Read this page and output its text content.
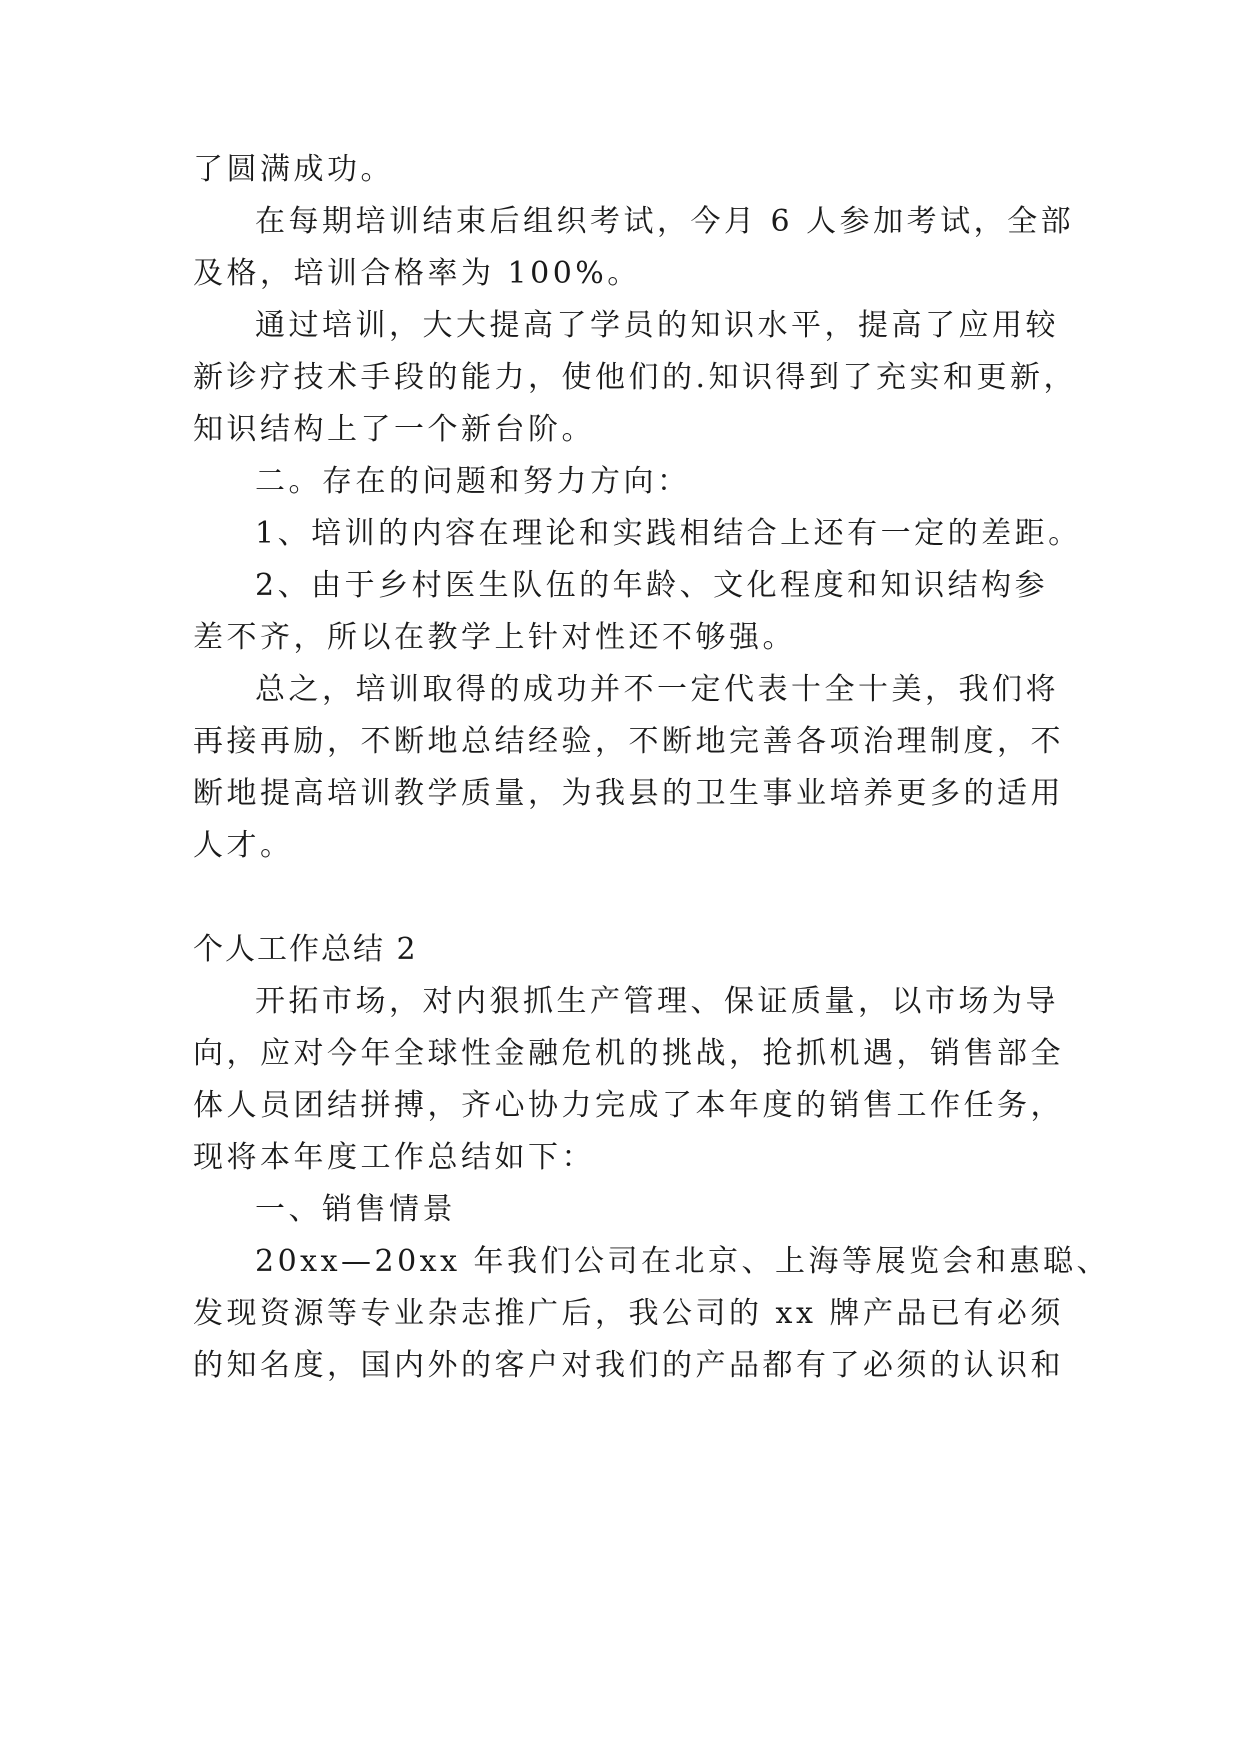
了圆满成功。
在每期培训结束后组织考试，今月 6 人参加考试，全部
及格，培训合格率为 100%。
通过培训，大大提高了学员的知识水平，提高了应用较
新诊疗技术手段的能力，使他们的.知识得到了充实和更新，
知识结构上了一个新台阶。
二。存在的问题和努力方向：
1、培训的内容在理论和实践相结合上还有一定的差距。
2、由于乡村医生队伍的年龄、文化程度和知识结构参
差不齐，所以在教学上针对性还不够强。
总之，培训取得的成功并不一定代表十全十美，我们将
再接再励，不断地总结经验，不断地完善各项治理制度，不
断地提高培训教学质量，为我县的卫生事业培养更多的适用
人才。
个人工作总结 2
开拓市场，对内狠抓生产管理、保证质量，以市场为导
向，应对今年全球性金融危机的挑战，抢抓机遇，销售部全
体人员团结拼搏，齐心协力完成了本年度的销售工作任务，
现将本年度工作总结如下：
一、销售情景
20xx—20xx 年我们公司在北京、上海等展览会和惠聪、
发现资源等专业杂志推广后，我公司的 xx 牌产品已有必须
的知名度，国内外的客户对我们的产品都有了必须的认识和
